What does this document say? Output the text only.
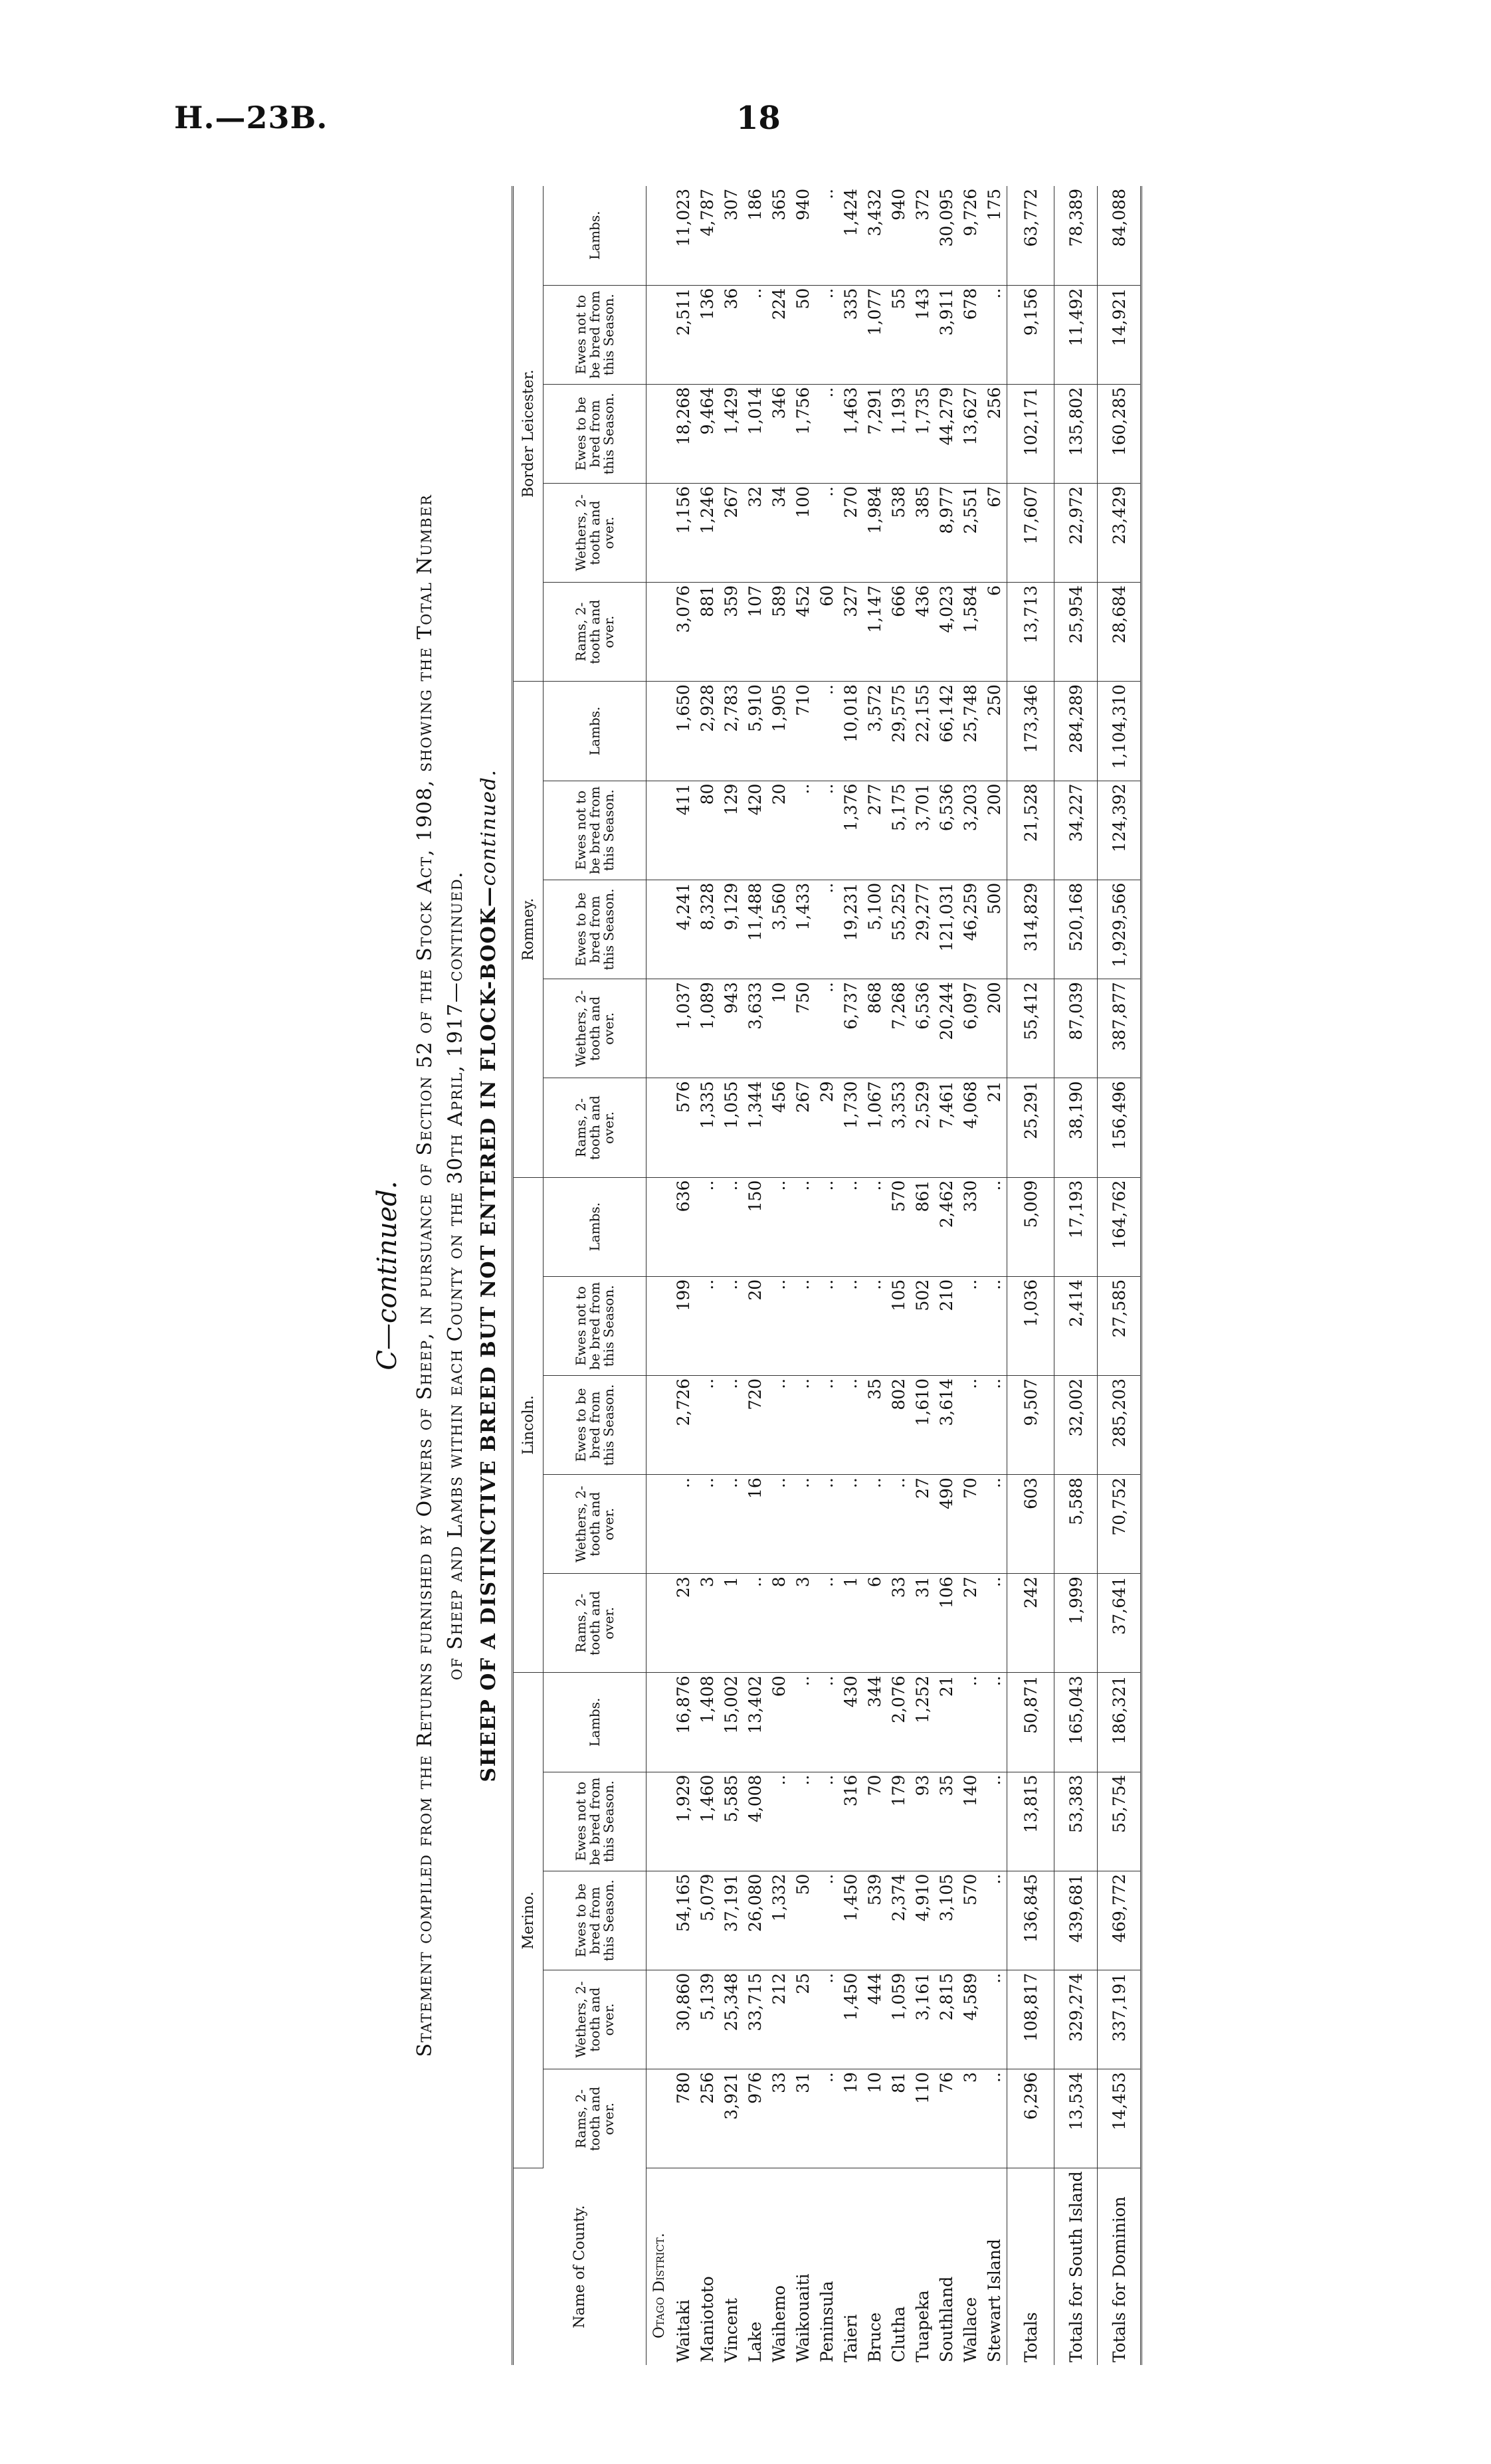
H.—23B.	18
C—continued. Statement compiled from the Returns furnished by Owners of Sheep, in pursuance of Section 52 of the Stock Act, 1908, showing the Total Number of Sheep and Lambs within each County on the 30th April, 1917—continued. SHEEP OF A DISTINCTIVE BREED BUT NOT ENTERED IN FLOCK-BOOK—continued.
Name of County.	Merino.					Lincoln.					Romney.					Border Leicester.				
	Rams, 2-tooth and over.	Wethers, 2-tooth and over.	Ewes to be bred from this Season.	Ewes not to be bred from this Season.	Lambs.	Rams, 2-tooth and over.	Wethers, 2-tooth and over.	Ewes to be bred from this Season.	Ewes not to be bred from this Season.	Lambs.	Rams, 2-tooth and over.	Wethers, 2-tooth and over.	Ewes to be bred from this Season.	Ewes not to be bred from this Season.	Lambs.	Rams, 2-tooth and over.	Wethers, 2-tooth and over.	Ewes to be bred from this Season.	Ewes not to be bred from this Season.	Lambs.
Otago District.																				
Waitaki	780	30,860	54,165	1,929	16,876	23	..	2,726	199	636	576	1,037	4,241	411	1,650	3,076	1,156	18,268	2,511	11,023
Maniototo	256	5,139	5,079	1,460	1,408	3	..	..	..	..	1,335	1,089	8,328	80	2,928	881	1,246	9,464	136	4,787
Vincent	3,921	25,348	37,191	5,585	15,002	1	..	..	..	..	1,055	943	9,129	129	2,783	359	267	1,429	36	307
Lake	976	33,715	26,080	4,008	13,402	..	16	720	20	150	1,344	3,633	11,488	420	5,910	107	32	1,014	..	186
Waihemo	33	212	1,332	..	60	8	..	..	..	..	456	10	3,560	20	1,905	589	34	346	224	365
Waikouaiti	31	25	50	..	..	3	..	..	..	..	267	750	1,433	..	710	452	100	1,756	50	940
Peninsula	..	..	..	..	..	..	..	..	..	..	29	..	..	..	..	60	..	..	..	..
Taieri	19	1,450	1,450	316	430	1	..	..	..	..	1,730	6,737	19,231	1,376	10,018	327	270	1,463	335	1,424
Bruce	10	444	539	70	344	6	..	35	..	..	1,067	868	5,100	277	3,572	1,147	1,984	7,291	1,077	3,432
Clutha	81	1,059	2,374	179	2,076	33	..	802	105	570	3,353	7,268	55,252	5,175	29,575	666	538	1,193	55	940
Tuapeka	110	3,161	4,910	93	1,252	31	27	1,610	502	861	2,529	6,536	29,277	3,701	22,155	436	385	1,735	143	372
Southland	76	2,815	3,105	35	21	106	490	3,614	210	2,462	7,461	20,244	121,031	6,536	66,142	4,023	8,977	44,279	3,911	30,095
Wallace	3	4,589	570	140	..	27	70	..	..	330	4,068	6,097	46,259	3,203	25,748	1,584	2,551	13,627	678	9,726
Stewart Island	..	..	..	..	..	..	..	..	..	..	21	200	500	200	250	6	67	256	..	175
Totals	6,296	108,817	136,845	13,815	50,871	242	603	9,507	1,036	5,009	25,291	55,412	314,829	21,528	173,346	13,713	17,607	102,171	9,156	63,772
Totals for South Island	13,534	329,274	439,681	53,383	165,043	1,999	5,588	32,002	2,414	17,193	38,190	87,039	520,168	34,227	284,289	25,954	22,972	135,802	11,492	78,389
Totals for Dominion	14,453	337,191	469,772	55,754	186,321	37,641	70,752	285,203	27,585	164,762	156,496	387,877	1,929,566	124,392	1,104,310	28,684	23,429	160,285	14,921	84,088
